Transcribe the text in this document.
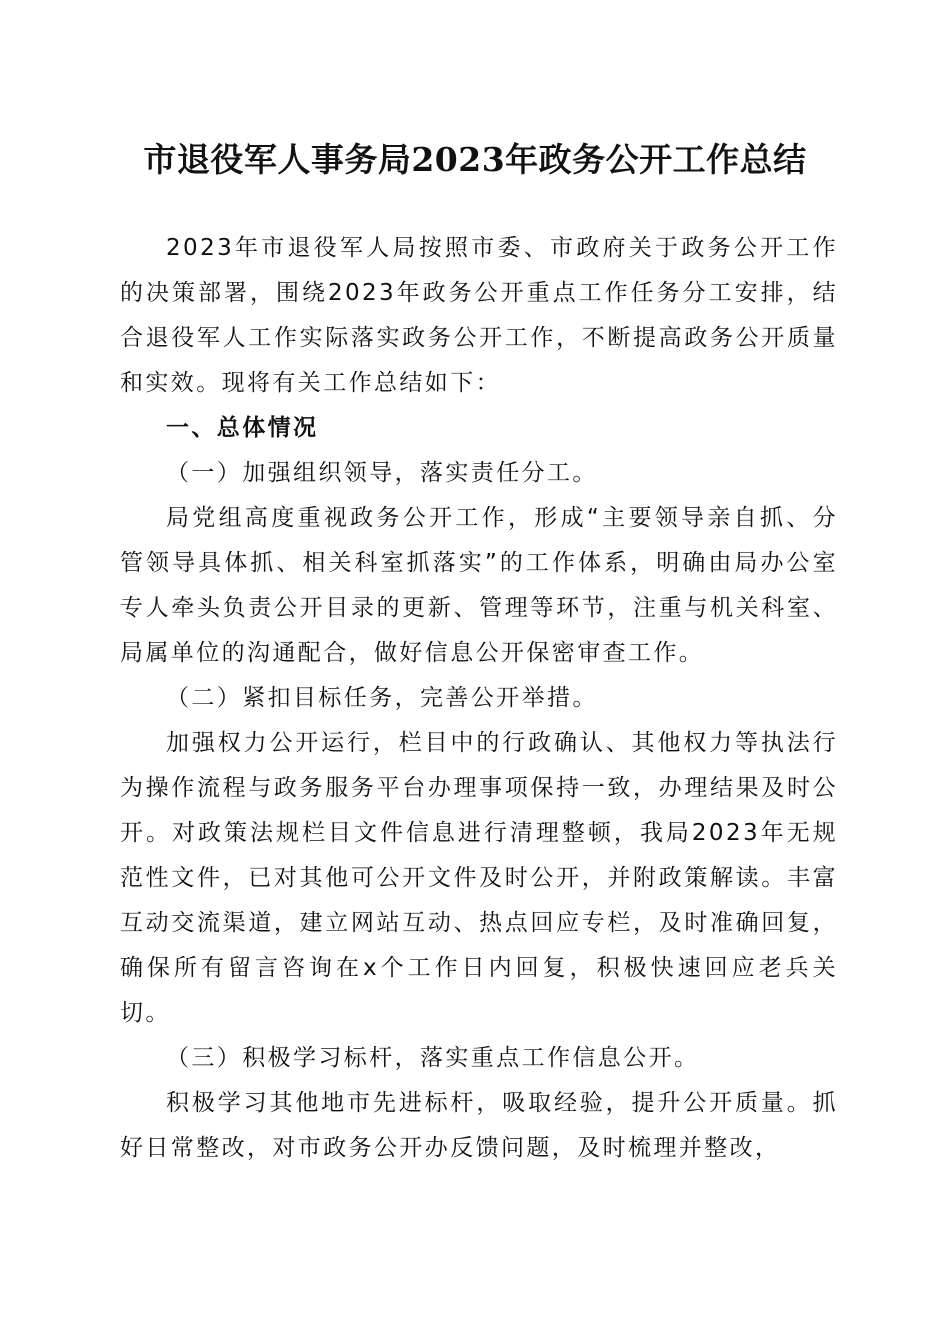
市退役军人事务局2023年政务公开工作总结

2023年市退役军人局按照市委、市政府关于政务公开工作的决策部署，围绕2023年政务公开重点工作任务分工安排，结合退役军人工作实际落实政务公开工作，不断提高政务公开质量和实效。现将有关工作总结如下：

一、总体情况

（一）加强组织领导，落实责任分工。

局党组高度重视政务公开工作，形成“主要领导亲自抓、分管领导具体抓、相关科室抓落实”的工作体系，明确由局办公室专人牵头负责公开目录的更新、管理等环节，注重与机关科室、局属单位的沟通配合，做好信息公开保密审查工作。

（二）紧扣目标任务，完善公开举措。

加强权力公开运行，栏目中的行政确认、其他权力等执法行为操作流程与政务服务平台办理事项保持一致，办理结果及时公开。对政策法规栏目文件信息进行清理整顿，我局2023年无规范性文件，已对其他可公开文件及时公开，并附政策解读。丰富互动交流渠道，建立网站互动、热点回应专栏，及时准确回复，确保所有留言咨询在x个工作日内回复，积极快速回应老兵关切。

（三）积极学习标杆，落实重点工作信息公开。

积极学习其他地市先进标杆，吸取经验，提升公开质量。抓好日常整改，对市政务公开办反馈问题，及时梳理并整改，
